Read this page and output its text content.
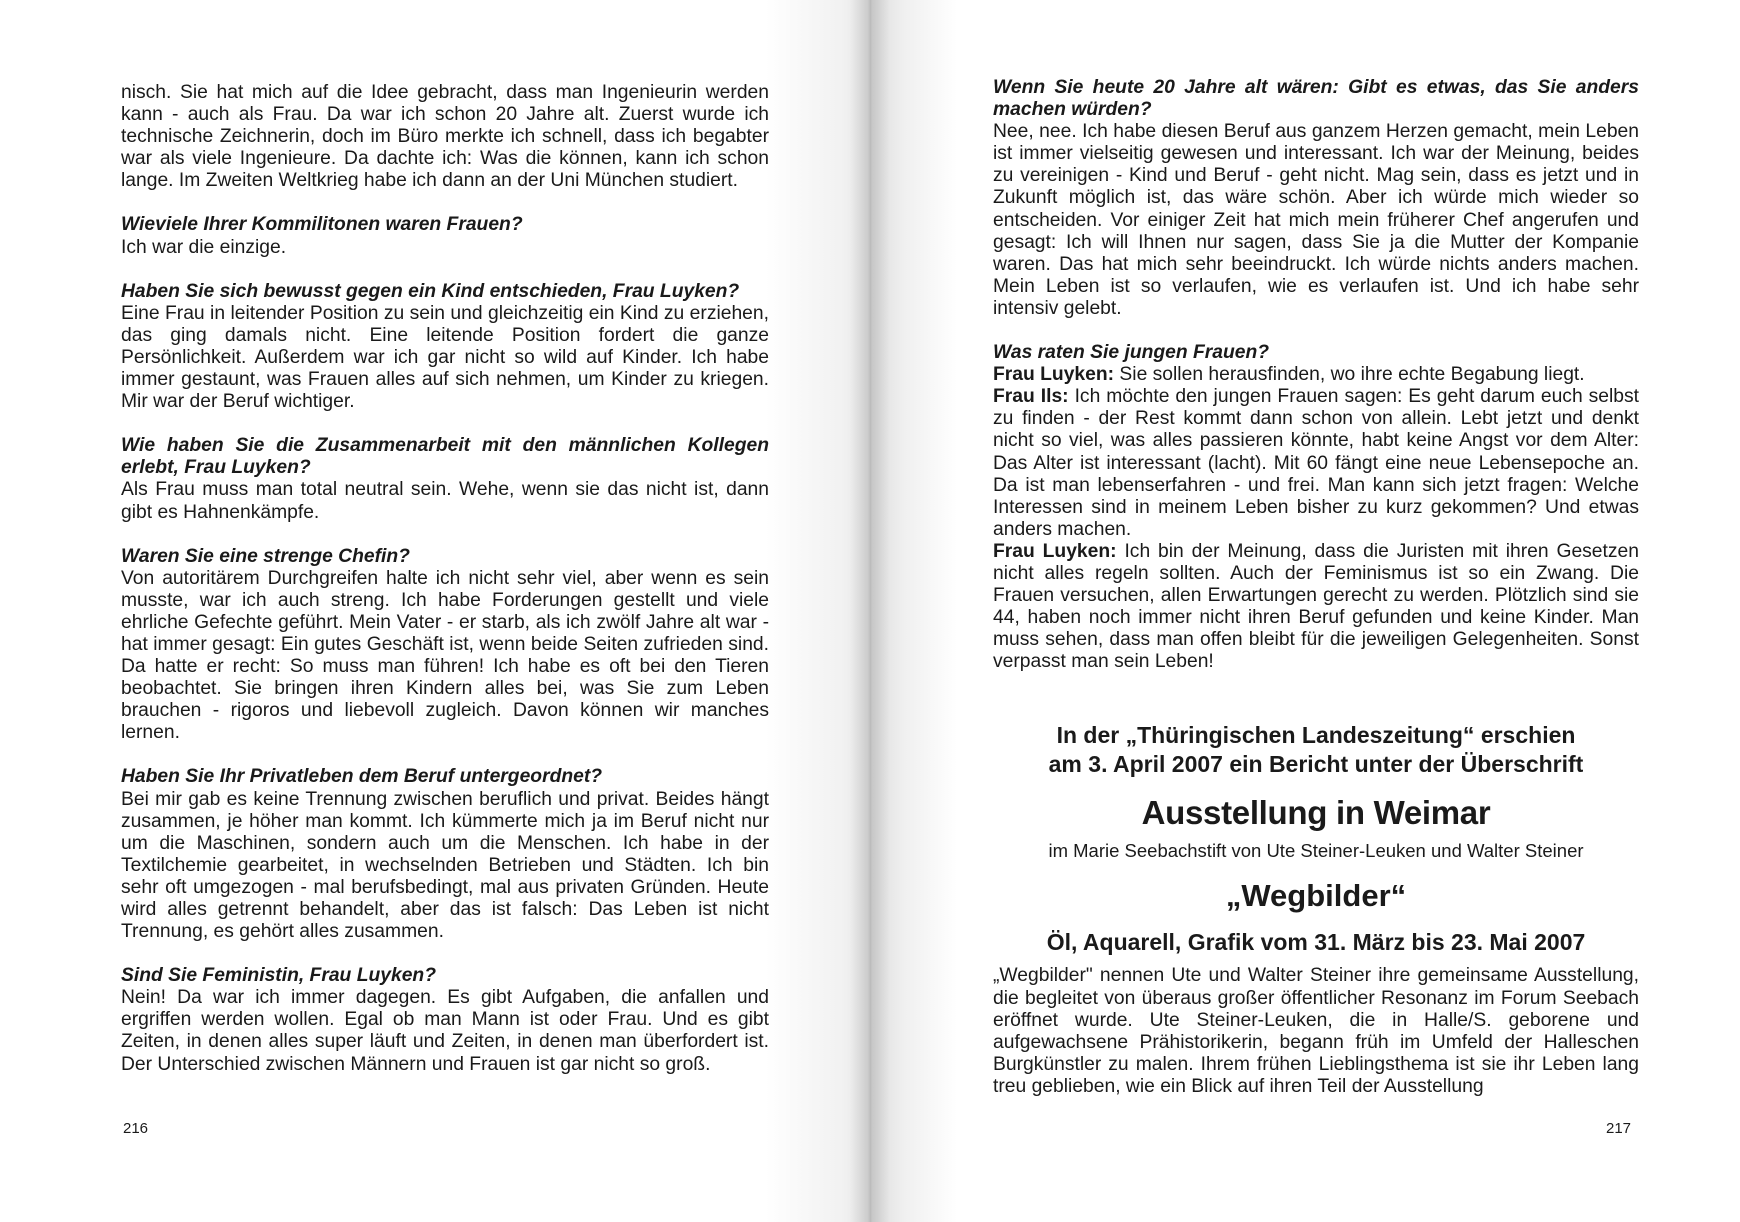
nisch. Sie hat mich auf die Idee gebracht, dass man Ingenieurin werden kann - auch als Frau. Da war ich schon 20 Jahre alt. Zuerst wurde ich technische Zeichnerin, doch im Büro merkte ich schnell, dass ich begabter war als viele Ingenieure. Da dachte ich: Was die können, kann ich schon lange. Im Zweiten Weltkrieg habe ich dann an der Uni München studiert.
Wieviele Ihrer Kommilitonen waren Frauen?
Ich war die einzige.
Haben Sie sich bewusst gegen ein Kind entschieden, Frau Luyken?
Eine Frau in leitender Position zu sein und gleichzeitig ein Kind zu erziehen, das ging damals nicht. Eine leitende Position fordert die ganze Persönlichkeit. Außerdem war ich gar nicht so wild auf Kinder. Ich habe immer gestaunt, was Frauen alles auf sich nehmen, um Kinder zu kriegen. Mir war der Beruf wichtiger.
Wie haben Sie die Zusammenarbeit mit den männlichen Kollegen erlebt, Frau Luyken?
Als Frau muss man total neutral sein. Wehe, wenn sie das nicht ist, dann gibt es Hahnenkämpfe.
Waren Sie eine strenge Chefin?
Von autoritärem Durchgreifen halte ich nicht sehr viel, aber wenn es sein musste, war ich auch streng. Ich habe Forderungen gestellt und viele ehrliche Gefechte geführt. Mein Vater - er starb, als ich zwölf Jahre alt war - hat immer gesagt: Ein gutes Geschäft ist, wenn beide Seiten zufrieden sind. Da hatte er recht: So muss man führen! Ich habe es oft bei den Tieren beobachtet. Sie bringen ihren Kindern alles bei, was Sie zum Leben brauchen - rigoros und liebevoll zugleich. Davon können wir manches lernen.
Haben Sie Ihr Privatleben dem Beruf untergeordnet?
Bei mir gab es keine Trennung zwischen beruflich und privat. Beides hängt zusammen, je höher man kommt. Ich kümmerte mich ja im Beruf nicht nur um die Maschinen, sondern auch um die Menschen. Ich habe in der Textilchemie gearbeitet, in wechselnden Betrieben und Städten. Ich bin sehr oft umgezogen - mal berufsbedingt, mal aus privaten Gründen. Heute wird alles getrennt behandelt, aber das ist falsch: Das Leben ist nicht Trennung, es gehört alles zusammen.
Sind Sie Feministin, Frau Luyken?
Nein! Da war ich immer dagegen. Es gibt Aufgaben, die anfallen und ergriffen werden wollen. Egal ob man Mann ist oder Frau. Und es gibt Zeiten, in denen alles super läuft und Zeiten, in denen man überfordert ist. Der Unterschied zwischen Männern und Frauen ist gar nicht so groß.
216
Wenn Sie heute 20 Jahre alt wären: Gibt es etwas, das Sie anders machen würden?
Nee, nee. Ich habe diesen Beruf aus ganzem Herzen gemacht, mein Leben ist immer vielseitig gewesen und interessant. Ich war der Meinung, beides zu vereinigen - Kind und Beruf - geht nicht. Mag sein, dass es jetzt und in Zukunft möglich ist, das wäre schön. Aber ich würde mich wieder so entscheiden. Vor einiger Zeit hat mich mein früherer Chef angerufen und gesagt: Ich will Ihnen nur sagen, dass Sie ja die Mutter der Kompanie waren. Das hat mich sehr beeindruckt. Ich würde nichts anders machen. Mein Leben ist so verlaufen, wie es verlaufen ist. Und ich habe sehr intensiv gelebt.
Was raten Sie jungen Frauen?
Frau Luyken: Sie sollen herausfinden, wo ihre echte Begabung liegt.
Frau Ils: Ich möchte den jungen Frauen sagen: Es geht darum euch selbst zu finden - der Rest kommt dann schon von allein. Lebt jetzt und denkt nicht so viel, was alles passieren könnte, habt keine Angst vor dem Alter: Das Alter ist interessant (lacht). Mit 60 fängt eine neue Lebensepoche an. Da ist man lebenserfahren - und frei. Man kann sich jetzt fragen: Welche Interessen sind in meinem Leben bisher zu kurz gekommen? Und etwas anders machen.
Frau Luyken: Ich bin der Meinung, dass die Juristen mit ihren Gesetzen nicht alles regeln sollten. Auch der Feminismus ist so ein Zwang. Die Frauen versuchen, allen Erwartungen gerecht zu werden. Plötzlich sind sie 44, haben noch immer nicht ihren Beruf gefunden und keine Kinder. Man muss sehen, dass man offen bleibt für die jeweiligen Gelegenheiten. Sonst verpasst man sein Leben!
In der „Thüringischen Landeszeitung“ erschien
am 3. April 2007 ein Bericht unter der Überschrift
Ausstellung in Weimar
im Marie Seebachstift von Ute Steiner-Leuken und Walter Steiner
„Wegbilder“
Öl, Aquarell, Grafik vom 31. März bis 23. Mai 2007
„Wegbilder" nennen Ute und Walter Steiner ihre gemeinsame Ausstellung, die begleitet von überaus großer öffentlicher Resonanz im Forum Seebach eröffnet wurde. Ute Steiner-Leuken, die in Halle/S. geborene und aufgewachsene Prähistorikerin, begann früh im Umfeld der Halleschen Burgkünstler zu malen. Ihrem frühen Lieblingsthema ist sie ihr Leben lang treu geblieben, wie ein Blick auf ihren Teil der Ausstellung
217
